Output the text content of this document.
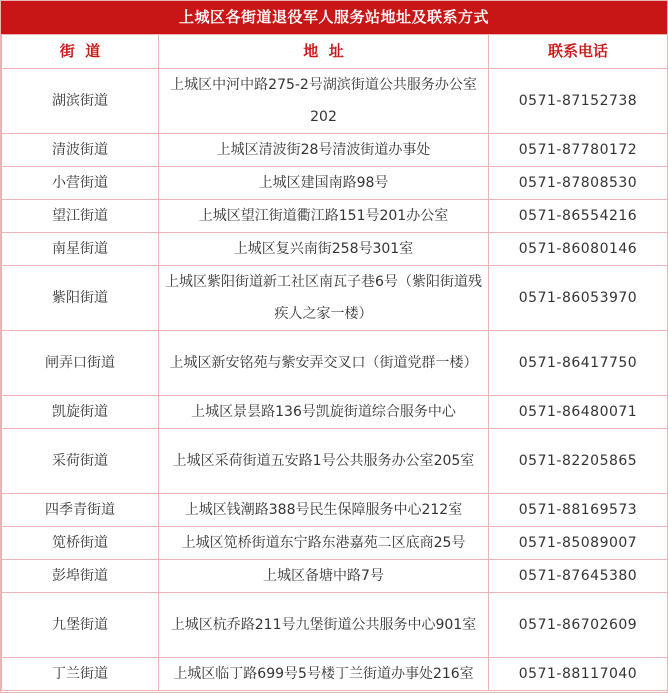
上城区各街道退役军人服务站地址及联系方式
街  道	地  址	联系电话
湖滨街道	上城区中河中路275-2号湖滨街道公共服务办公室202	0571-87152738
清波街道	上城区清波街28号清波街道办事处	0571-87780172
小营街道	上城区建国南路98号	0571-87808530
望江街道	上城区望江街道衢江路151号201办公室	0571-86554216
南星街道	上城区复兴南街258号301室	0571-86080146
紫阳街道	上城区紫阳街道新工社区南瓦子巷6号（紫阳街道残疾人之家一楼）	0571-86053970
闸弄口街道	上城区新安铭苑与紫安弄交叉口（街道党群一楼）	0571-86417750
凯旋街道	上城区景昙路136号凯旋街道综合服务中心	0571-86480071
采荷街道	上城区采荷街道五安路1号公共服务办公室205室	0571-82205865
四季青街道	上城区钱潮路388号民生保障服务中心212室	0571-88169573
笕桥街道	上城区笕桥街道东宁路东港嘉苑二区底商25号	0571-85089007
彭埠街道	上城区备塘中路7号	0571-87645380
九堡街道	上城区杭乔路211号九堡街道公共服务中心901室	0571-86702609
丁兰街道	上城区临丁路699号5号楼丁兰街道办事处216室	0571-88117040
